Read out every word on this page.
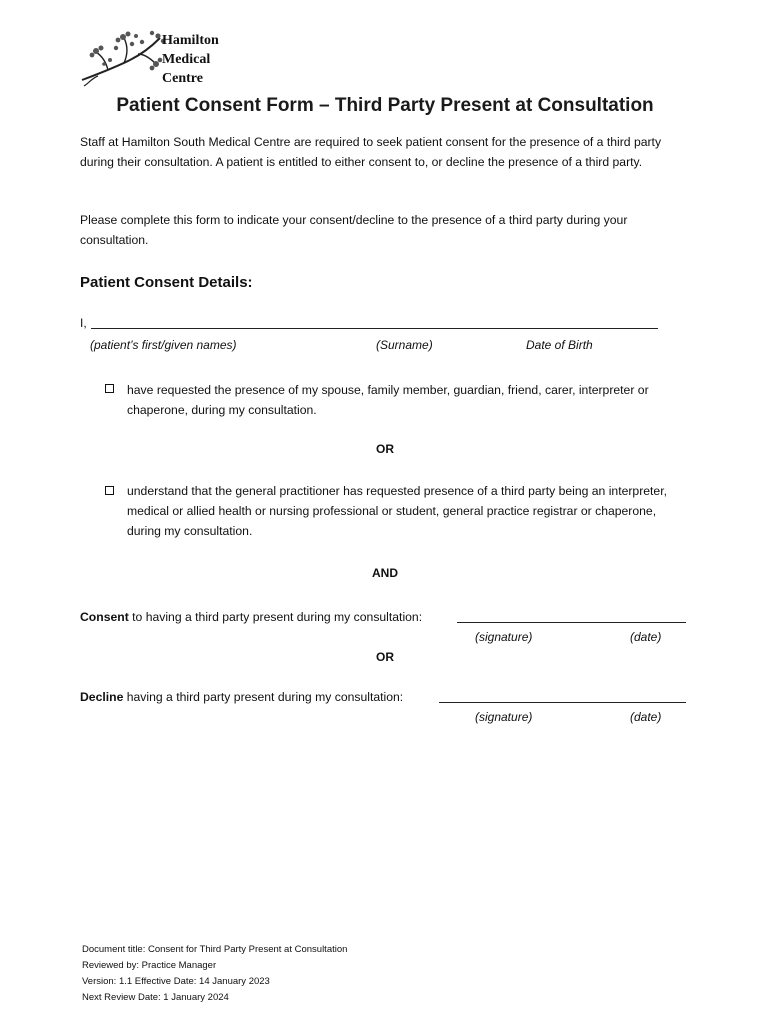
Hamilton
Medical
Centre
Patient Consent Form – Third Party Present at Consultation
Staff at Hamilton South Medical Centre are required to seek patient consent for the presence of a third party during their consultation. A patient is entitled to either consent to, or decline the presence of a third party.
Please complete this form to indicate your consent/decline to the presence of a third party during your consultation.
Patient Consent Details:
I,
(patient’s first/given names)	(Surname)	Date of Birth
have requested the presence of my spouse, family member, guardian, friend, carer, interpreter or chaperone, during my consultation.
OR
understand that the general practitioner has requested presence of a third party being an interpreter, medical or allied health or nursing professional or student, general practice registrar or chaperone, during my consultation.
AND
Consent to having a third party present during my consultation:
(signature)	(date)
OR
Decline having a third party present during my consultation:
(signature)	(date)
Document title: Consent for Third Party Present at Consultation
Reviewed by: Practice Manager
Version: 1.1 Effective Date: 14 January 2023
Next Review Date: 1 January 2024
